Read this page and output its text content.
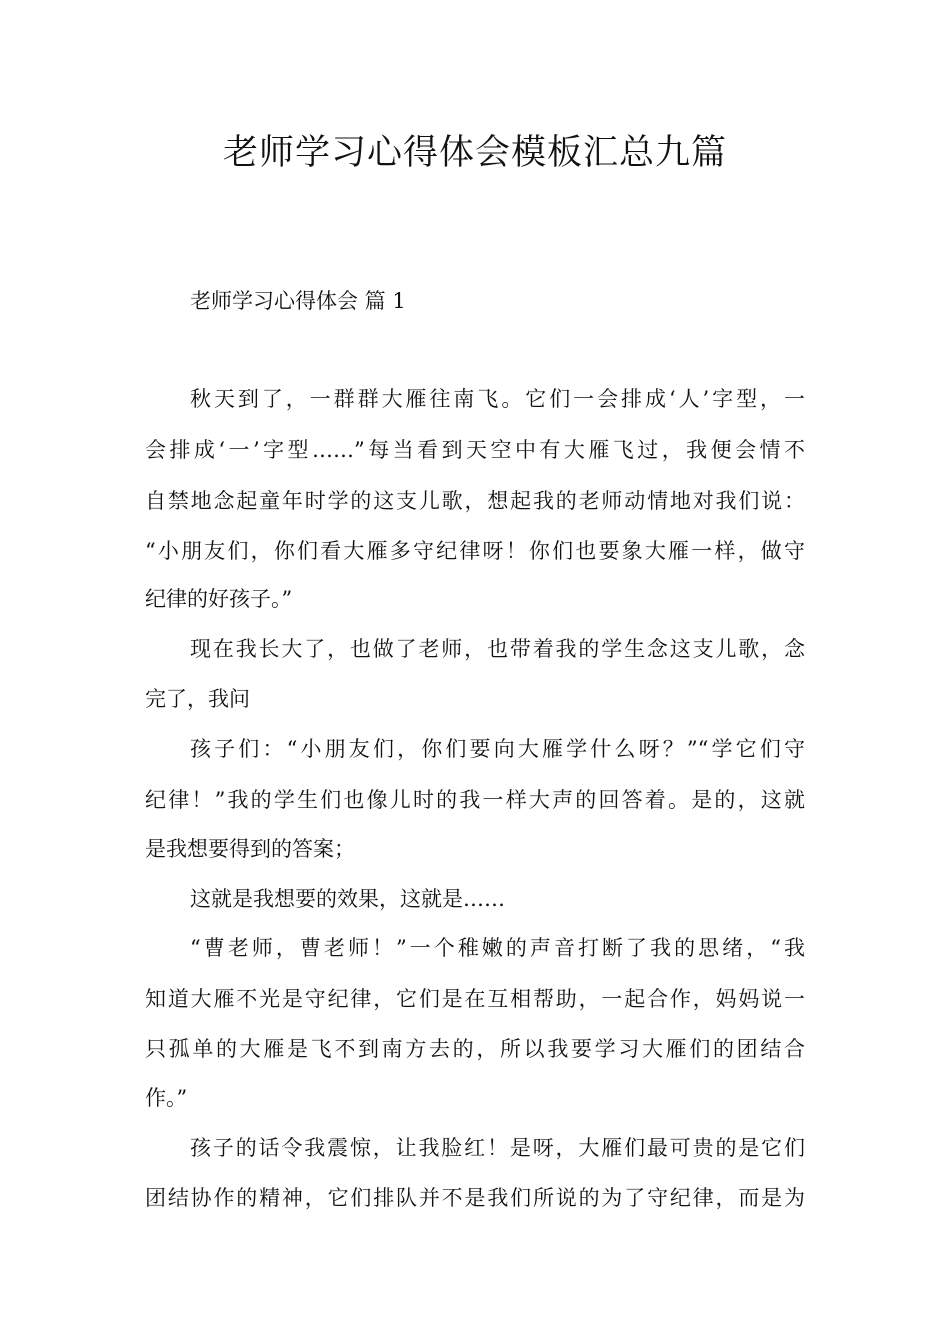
老师学习心得体会模板汇总九篇
老师学习心得体会 篇 1
秋天到了，一群群大雁往南飞。它们一会排成‘人’字型，一
会排成‘一’字型……”每当看到天空中有大雁飞过，我便会情不
自禁地念起童年时学的这支儿歌，想起我的老师动情地对我们说：
“小朋友们，你们看大雁多守纪律呀！你们也要象大雁一样，做守
纪律的好孩子。”
现在我长大了，也做了老师，也带着我的学生念这支儿歌，念
完了，我问
孩子们：“小朋友们，你们要向大雁学什么呀？”“学它们守
纪律！”我的学生们也像儿时的我一样大声的回答着。是的，这就
是我想要得到的答案；
这就是我想要的效果，这就是……
“曹老师，曹老师！”一个稚嫩的声音打断了我的思绪，“我
知道大雁不光是守纪律，它们是在互相帮助，一起合作，妈妈说一
只孤单的大雁是飞不到南方去的，所以我要学习大雁们的团结合
作。”
孩子的话令我震惊，让我脸红！是呀，大雁们最可贵的是它们
团结协作的精神，它们排队并不是我们所说的为了守纪律，而是为
